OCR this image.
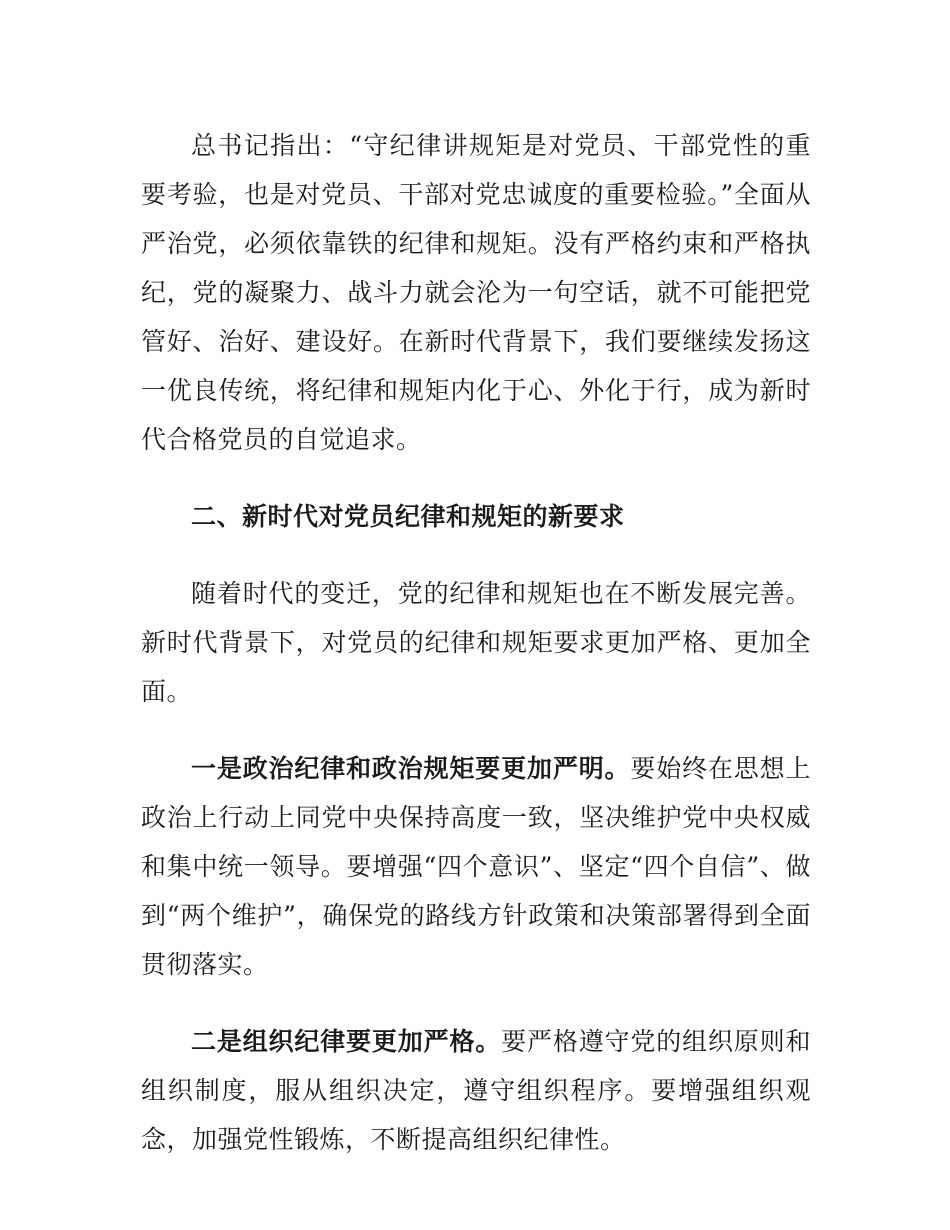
总书记指出：“守纪律讲规矩是对党员、干部党性的重要考验，也是对党员、干部对党忠诚度的重要检验。”全面从严治党，必须依靠铁的纪律和规矩。没有严格约束和严格执纪，党的凝聚力、战斗力就会沦为一句空话，就不可能把党管好、治好、建设好。在新时代背景下，我们要继续发扬这一优良传统，将纪律和规矩内化于心、外化于行，成为新时代合格党员的自觉追求。

二、新时代对党员纪律和规矩的新要求

随着时代的变迁，党的纪律和规矩也在不断发展完善。新时代背景下，对党员的纪律和规矩要求更加严格、更加全面。

一是政治纪律和政治规矩要更加严明。要始终在思想上政治上行动上同党中央保持高度一致，坚决维护党中央权威和集中统一领导。要增强“四个意识”、坚定“四个自信”、做到“两个维护”，确保党的路线方针政策和决策部署得到全面贯彻落实。

二是组织纪律要更加严格。要严格遵守党的组织原则和组织制度，服从组织决定，遵守组织程序。要增强组织观念，加强党性锻炼，不断提高组织纪律性。
